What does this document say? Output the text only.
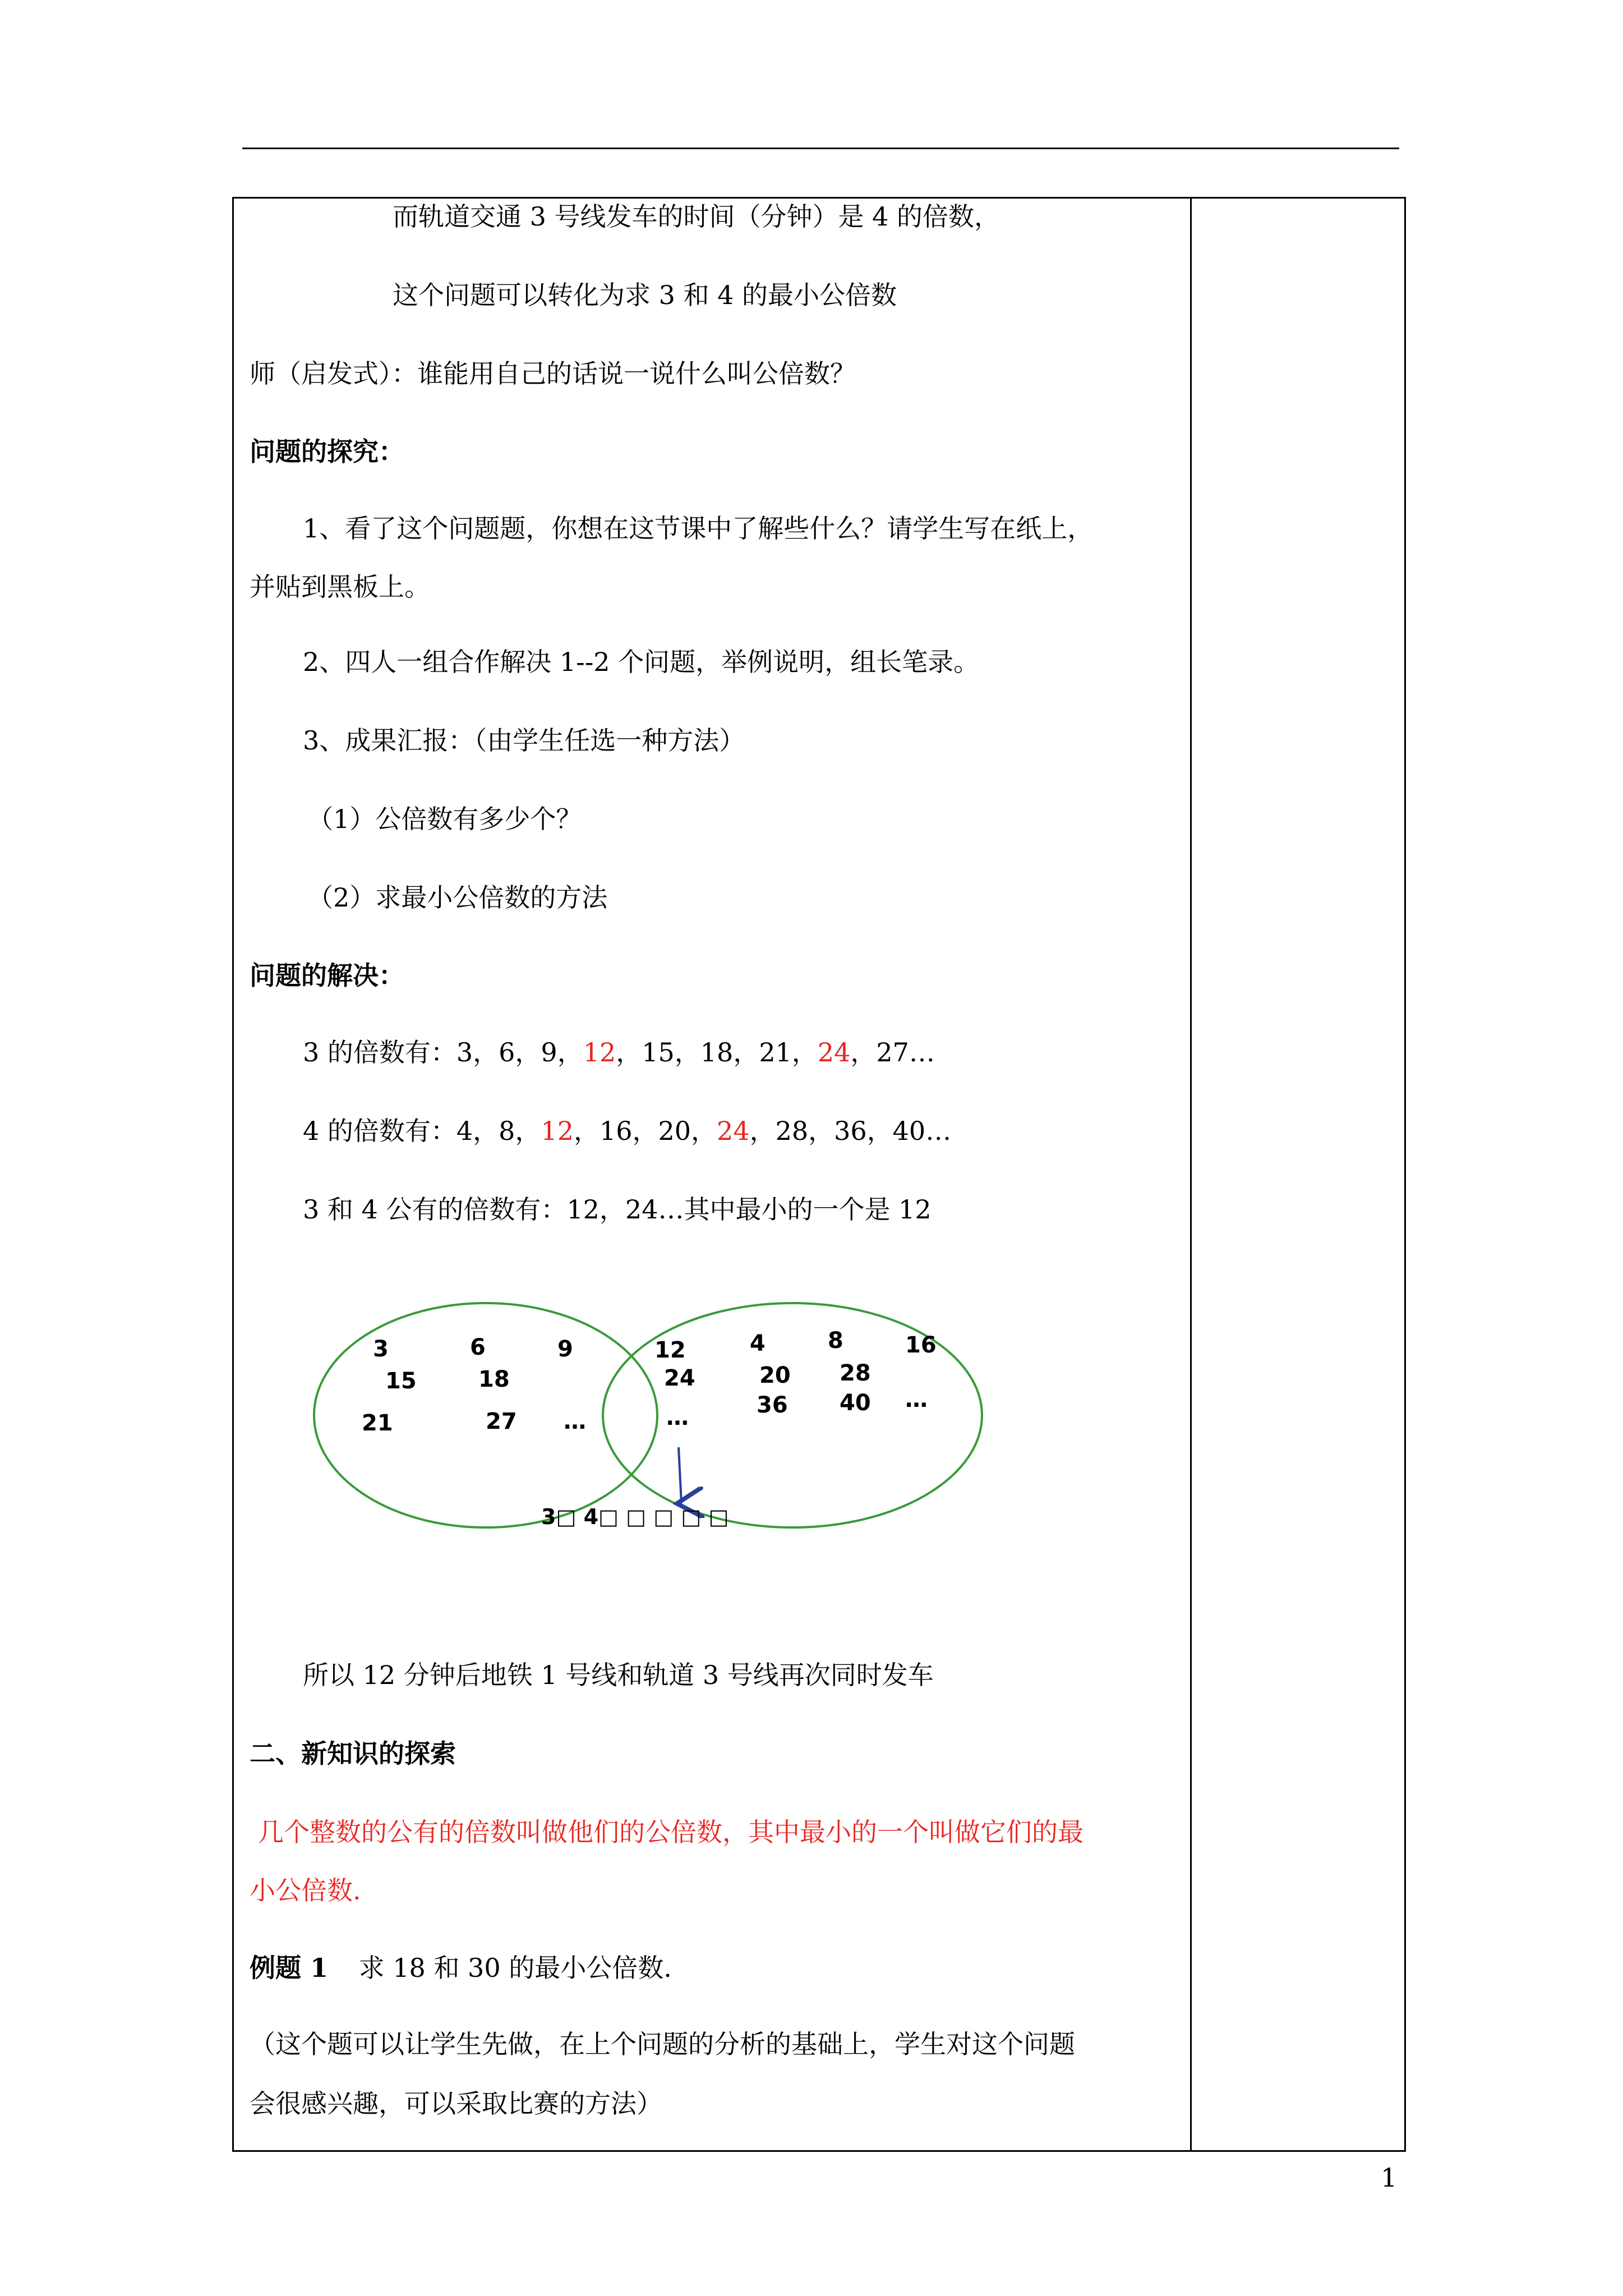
而轨道交通 3 号线发车的时间（分钟）是 4 的倍数，
这个问题可以转化为求 3 和 4 的最小公倍数
师（启发式）：谁能用自己的话说一说什么叫公倍数？
问题的探究：
1、看了这个问题题，你想在这节课中了解些什么？请学生写在纸上，
并贴到黑板上。
2、四人一组合作解决 1--2 个问题，举例说明，组长笔录。
3、成果汇报：（由学生任选一种方法）
（1）公倍数有多少个？
（2）求最小公倍数的方法
问题的解决：
3 的倍数有：3，6，9，12，15，18，21，24，27…
4 的倍数有：4，8，12，16，20，24，28，36，40…
3 和 4 公有的倍数有：12，24…其中最小的一个是 12
3	6	9
15	18
21	27 …
12
24
…
4	8	16
20 28
36 40 …
3□ 4□ □ □ □ □
所以 12 分钟后地铁 1 号线和轨道 3 号线再次同时发车
二、新知识的探索
几个整数的公有的倍数叫做他们的公倍数，其中最小的一个叫做它们的最
小公倍数.
例题 1 求 18 和 30 的最小公倍数.
（这个题可以让学生先做，在上个问题的分析的基础上，学生对这个问题
会很感兴趣，可以采取比赛的方法）
1
